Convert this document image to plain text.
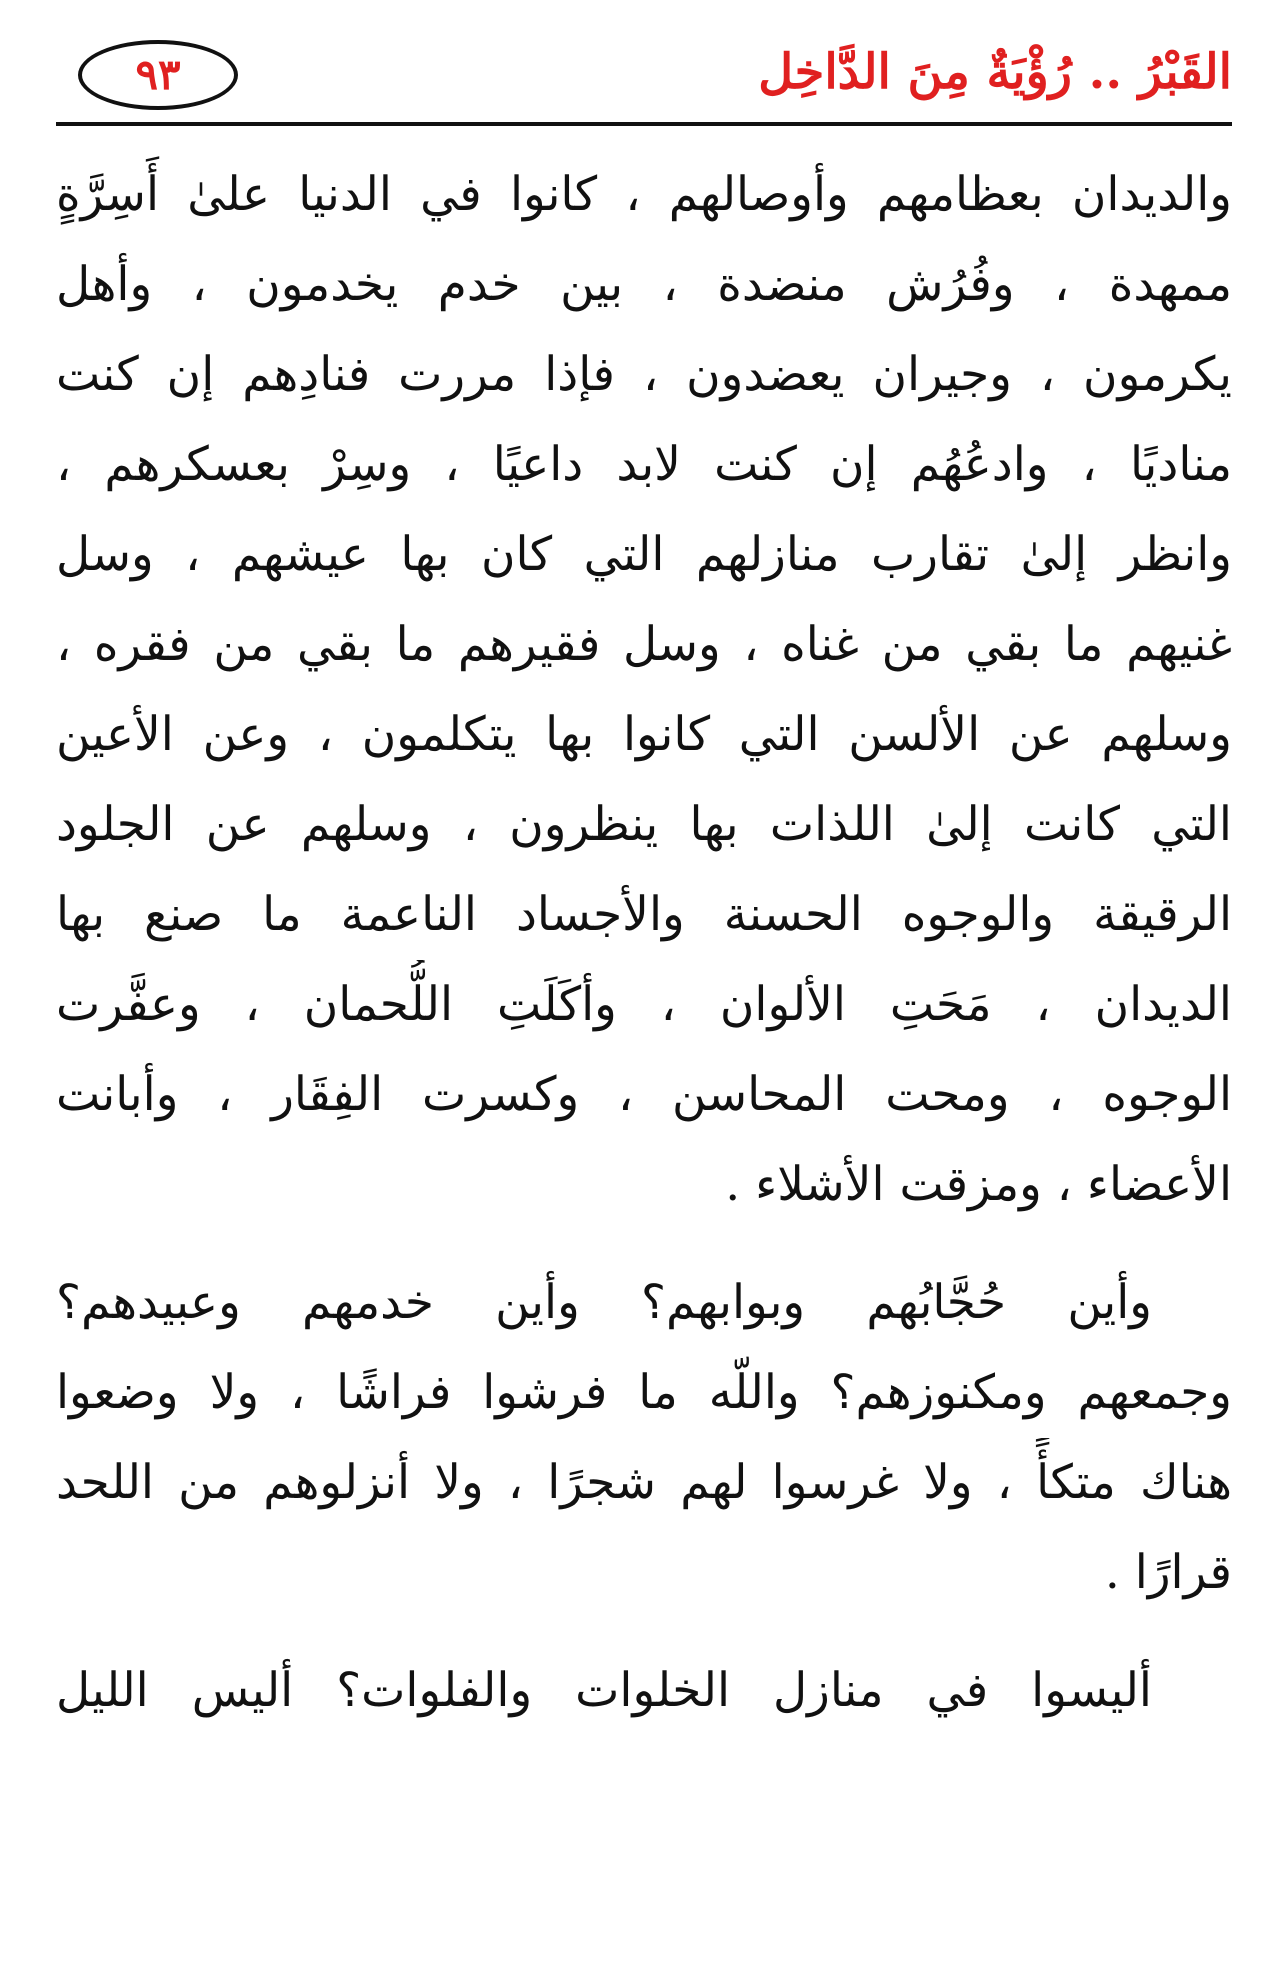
القَبْرُ .. رُؤْيَةٌ مِنَ الدَّاخِل
٩٣
والديدان بعظامهم وأوصالهم ، كانوا في الدنيا علىٰ أَسِرَّةٍ
ممهدة ، وفُرُش منضدة ، بين خدم يخدمون ، وأهل
يكرمون ، وجيران يعضدون ، فإذا مررت فنادِهم إن كنت
مناديًا ، وادعُهُم إن كنت لابد داعيًا ، وسِرْ بعسكرهم ،
وانظر إلىٰ تقارب منازلهم التي كان بها عيشهم ، وسل
غنيهم ما بقي من غناه ، وسل فقيرهم ما بقي من فقره ،
وسلهم عن الألسن التي كانوا بها يتكلمون ، وعن الأعين
التي كانت إلىٰ اللذات بها ينظرون ، وسلهم عن الجلود
الرقيقة والوجوه الحسنة والأجساد الناعمة ما صنع بها
الديدان ، مَحَتِ الألوان ، وأكَلَتِ اللُّحمان ، وعفَّرت
الوجوه ، ومحت المحاسن ، وكسرت الفِقَار ، وأبانت
الأعضاء ، ومزقت الأشلاء .
وأين حُجَّابُهم وبوابهم؟ وأين خدمهم وعبيدهم؟
وجمعهم ومكنوزهم؟ واللّه ما فرشوا فراشًا ، ولا وضعوا
هناك متكأً ، ولا غرسوا لهم شجرًا ، ولا أنزلوهم من اللحد
قرارًا .
أليسوا في منازل الخلوات والفلوات؟ أليس الليل
